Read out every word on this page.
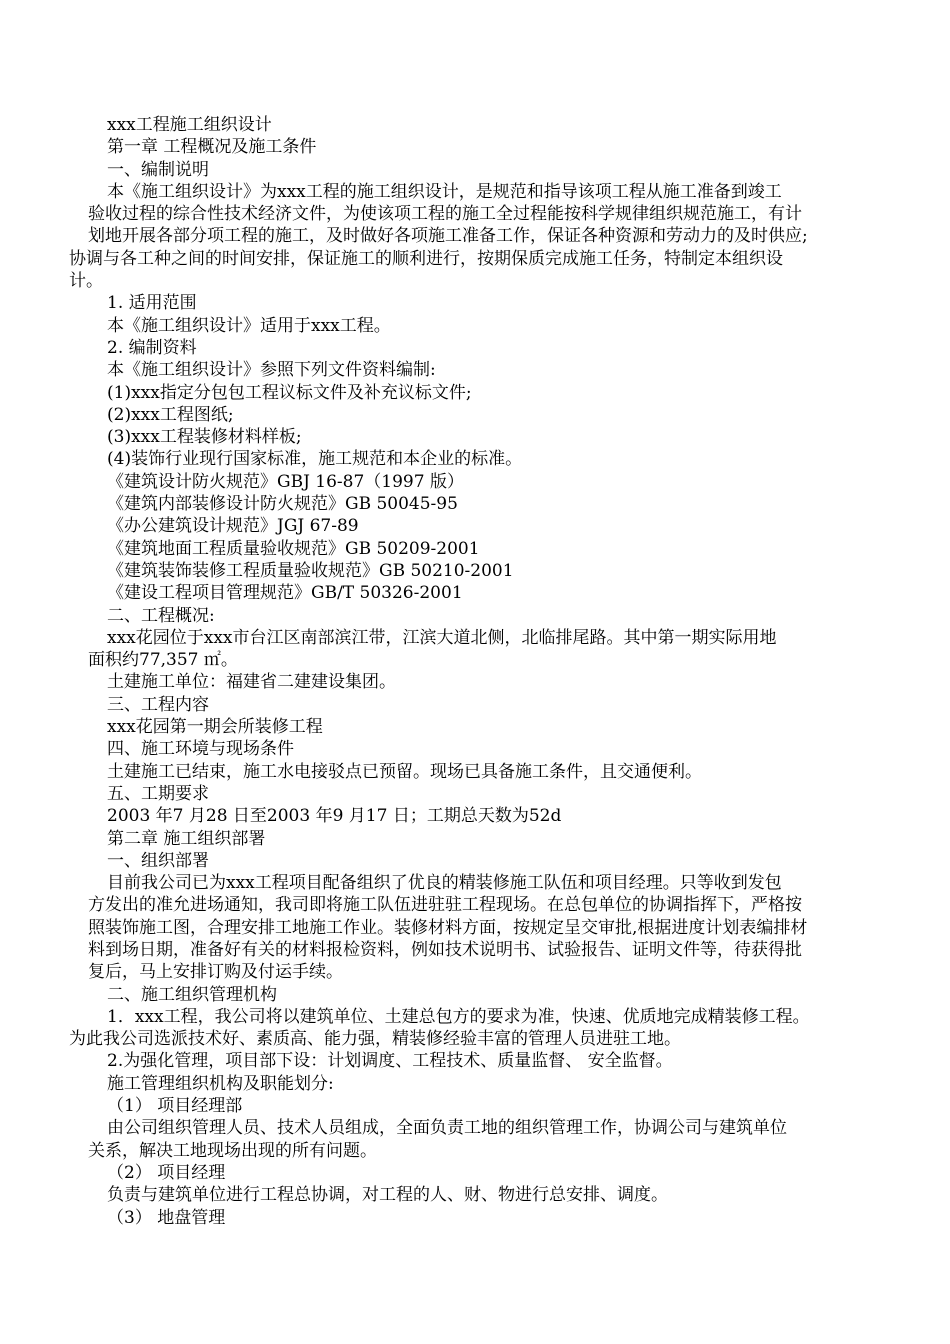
xxx工程施工组织设计
第一章 工程概况及施工条件
一、编制说明
本《施工组织设计》为xxx工程的施工组织设计，是规范和指导该项工程从施工准备到竣工
验收过程的综合性技术经济文件，为使该项工程的施工全过程能按科学规律组织规范施工，有计
划地开展各部分项工程的施工，及时做好各项施工准备工作，保证各种资源和劳动力的及时供应;
协调与各工种之间的时间安排，保证施工的顺利进行，按期保质完成施工任务，特制定本组织设
计。
1. 适用范围
本《施工组织设计》适用于xxx工程。
2. 编制资料
本《施工组织设计》参照下列文件资料编制:
(1)xxx指定分包包工程议标文件及补充议标文件;
(2)xxx工程图纸;
(3)xxx工程装修材料样板;
(4)装饰行业现行国家标准，施工规范和本企业的标准。
《建筑设计防火规范》GBJ 16-87（1997 版）
《建筑内部装修设计防火规范》GB 50045-95
《办公建筑设计规范》JGJ 67-89
《建筑地面工程质量验收规范》GB 50209-2001
《建筑装饰装修工程质量验收规范》GB 50210-2001
《建设工程项目管理规范》GB/T 50326-2001
二、工程概况:
xxx花园位于xxx市台江区南部滨江带，江滨大道北侧，北临排尾路。其中第一期实际用地
面积约77,357 ㎡。
土建施工单位：福建省二建建设集团。
三、工程内容
xxx花园第一期会所装修工程
四、施工环境与现场条件
土建施工已结束，施工水电接驳点已预留。现场已具备施工条件，且交通便利。
五、工期要求
2003 年7 月28 日至2003 年9 月17 日；工期总天数为52d
第二章 施工组织部署
一、组织部署
目前我公司已为xxx工程项目配备组织了优良的精装修施工队伍和项目经理。只等收到发包
方发出的准允进场通知，我司即将施工队伍进驻驻工程现场。在总包单位的协调指挥下，严格按
照装饰施工图，合理安排工地施工作业。装修材料方面，按规定呈交审批,根据进度计划表编排材
料到场日期，准备好有关的材料报检资料，例如技术说明书、试验报告、证明文件等，待获得批
复后，马上安排订购及付运手续。
二、施工组织管理机构
1．xxx工程，我公司将以建筑单位、土建总包方的要求为准，快速、优质地完成精装修工程。
为此我公司选派技术好、素质高、能力强，精装修经验丰富的管理人员进驻工地。
2.为强化管理，项目部下设：计划调度、工程技术、质量监督、 安全监督。
施工管理组织机构及职能划分:
（1） 项目经理部
由公司组织管理人员、技术人员组成，全面负责工地的组织管理工作，协调公司与建筑单位
关系，解决工地现场出现的所有问题。
（2） 项目经理
负责与建筑单位进行工程总协调，对工程的人、财、物进行总安排、调度。
（3） 地盘管理
